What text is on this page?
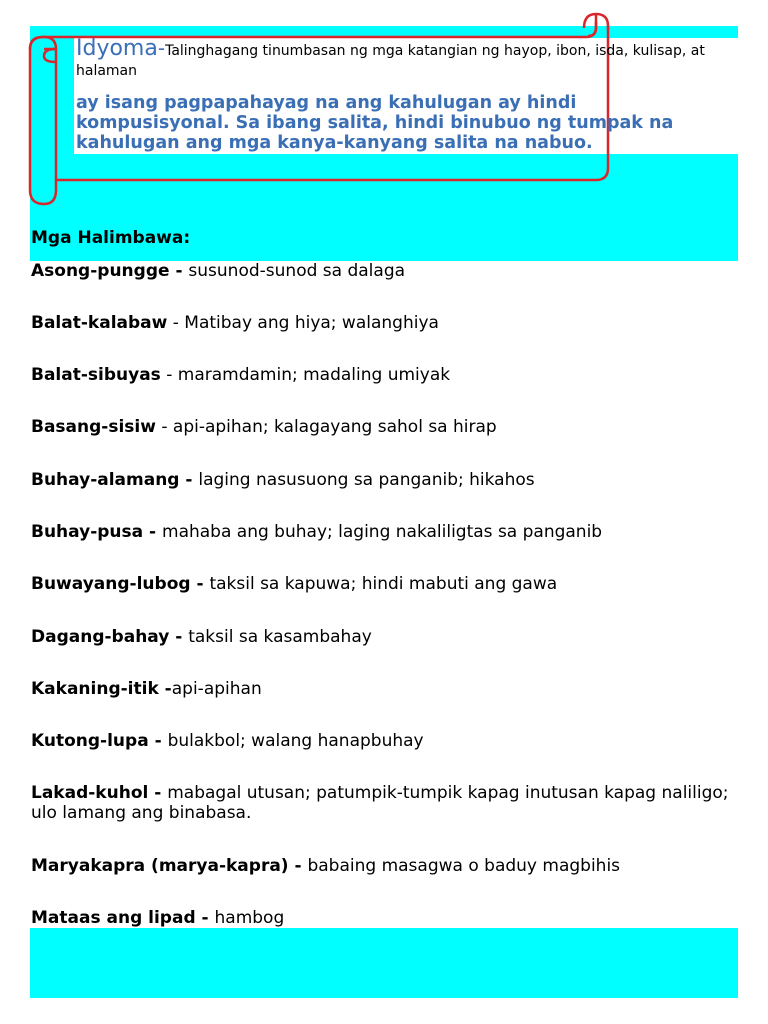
Idyoma-Talinghagang tinumbasan ng mga katangian ng hayop, ibon, isda, kulisap, at halaman
ay isang pagpapahayag na ang kahulugan ay hindi kompusisyonal. Sa ibang salita, hindi binubuo ng tumpak na kahulugan ang mga kanya-kanyang salita na nabuo.
Mga Halimbawa:

Asong-pungge - susunod-sunod sa dalaga

Balat-kalabaw - Matibay ang hiya; walanghiya

Balat-sibuyas - maramdamin; madaling umiyak

Basang-sisiw - api-apihan; kalagayang sahol sa hirap

Buhay-alamang - laging nasusuong sa panganib; hikahos

Buhay-pusa - mahaba ang buhay; laging nakaliligtas sa panganib

Buwayang-lubog - taksil sa kapuwa; hindi mabuti ang gawa

Dagang-bahay - taksil sa kasambahay

Kakaning-itik -api-apihan

Kutong-lupa - bulakbol; walang hanapbuhay

Lakad-kuhol - mabagal utusan; patumpik-tumpik kapag inutusan kapag naliligo; ulo lamang ang binabasa.

Maryakapra (marya-kapra) - babaing masagwa o baduy magbihis

Mataas ang lipad - hambog
